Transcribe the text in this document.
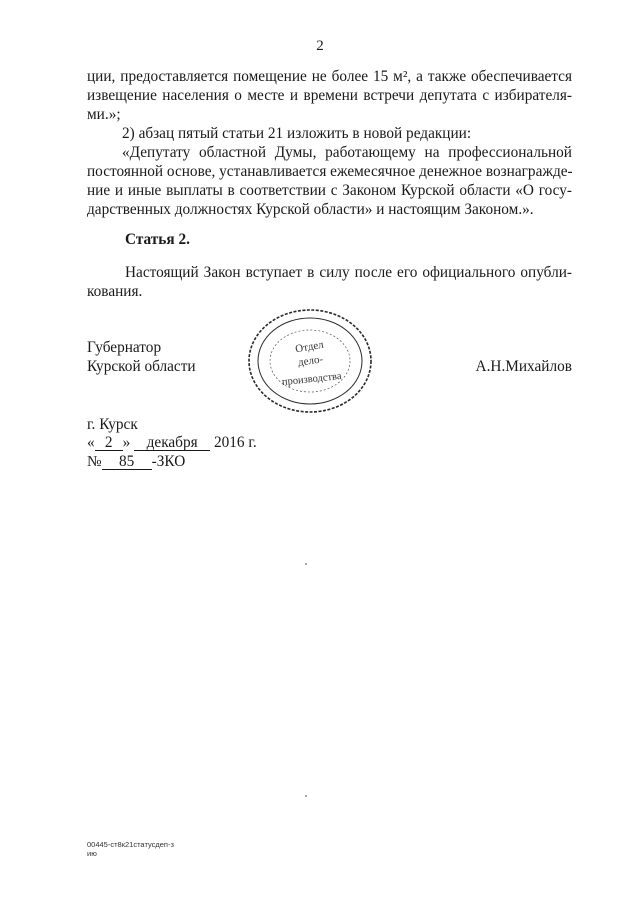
2
ции, предоставляется помещение не более 15 м², а также обеспечивается
извещение населения о месте и времени встречи депутата с избирателя-
ми.»;
2) абзац пятый статьи 21 изложить в новой редакции:
«Депутату областной Думы, работающему на профессиональной
постоянной основе, устанавливается ежемесячное денежное вознагражде-
ние и иные выплаты в соответствии с Законом Курской области «О госу-
дарственных должностях Курской области» и настоящим Законом.».
Статья 2.
Настоящий Закон вступает в силу после его официального опубли-
кования.
Губернатор
Курской области	А.Н.Михайлов
Отдел
дело-
производства
г. Курск
« 2 » декабря 2016 г.
№ 85 -ЗКО
00445-ст8к21статусдеп-з
ию
